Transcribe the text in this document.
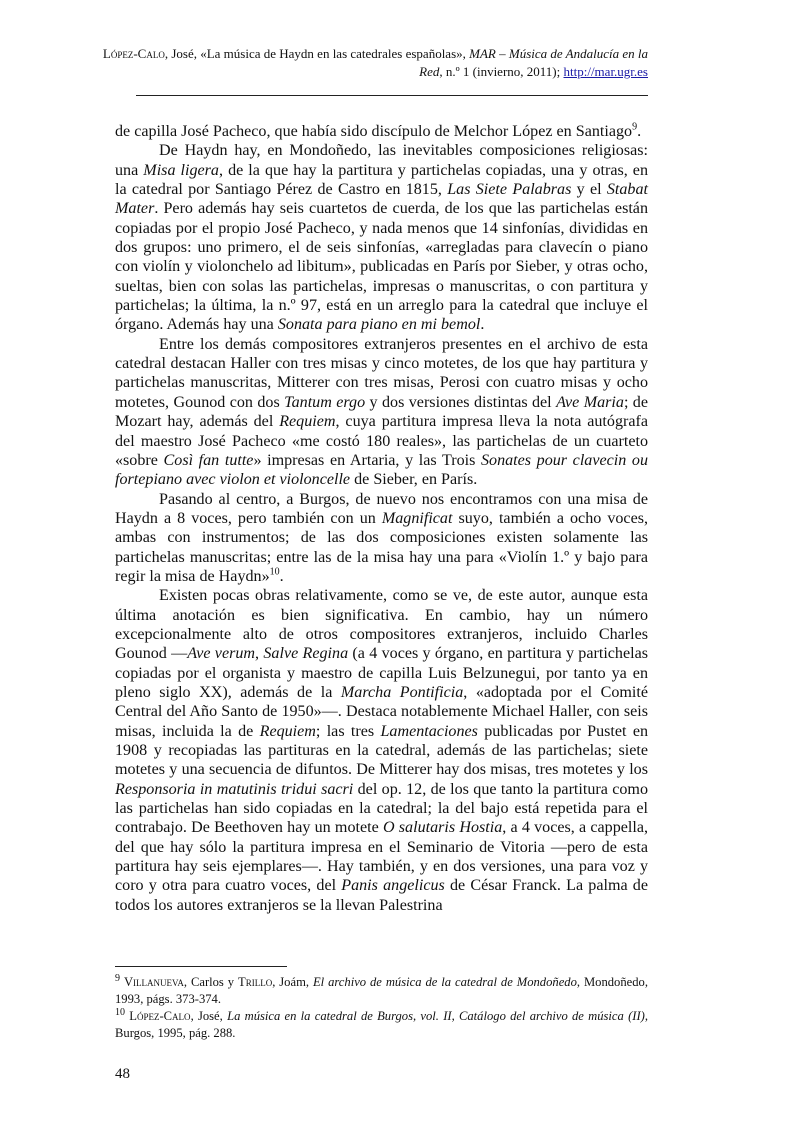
López-Calo, José, «La música de Haydn en las catedrales españolas», MAR – Música de Andalucía en la Red, n.º 1 (invierno, 2011); http://mar.ugr.es

de capilla José Pacheco, que había sido discípulo de Melchor López en Santiago$^9$.

De Haydn hay, en Mondoñedo, las inevitables composiciones religiosas: una Misa ligera, de la que hay la partitura y partichelas copiadas, una y otras, en la catedral por Santiago Pérez de Castro en 1815, Las Siete Palabras y el Stabat Mater. Pero además hay seis cuartetos de cuerda, de los que las partichelas están copiadas por el propio José Pacheco, y nada menos que 14 sinfonías, divididas en dos grupos: uno primero, el de seis sinfonías, «arregladas para clavecín o piano con violín y violonchelo ad libitum», publicadas en París por Sieber, y otras ocho, sueltas, bien con solas las partichelas, impresas o manuscritas, o con partitura y partichelas; la última, la n.º 97, está en un arreglo para la catedral que incluye el órgano. Además hay una Sonata para piano en mi bemol.

Entre los demás compositores extranjeros presentes en el archivo de esta catedral destacan Haller con tres misas y cinco motetes, de los que hay partitura y partichelas manuscritas, Mitterer con tres misas, Perosi con cuatro misas y ocho motetes, Gounod con dos Tantum ergo y dos versiones distintas del Ave Maria; de Mozart hay, además del Requiem, cuya partitura impresa lleva la nota autógrafa del maestro José Pacheco «me costó 180 reales», las partichelas de un cuarteto «sobre Così fan tutte» impresas en Artaria, y las Trois Sonates pour clavecin ou fortepiano avec violon et violoncelle de Sieber, en París.

Pasando al centro, a Burgos, de nuevo nos encontramos con una misa de Haydn a 8 voces, pero también con un Magnificat suyo, también a ocho voces, ambas con instrumentos; de las dos composiciones existen solamente las partichelas manuscritas; entre las de la misa hay una para «Violín 1.º y bajo para regir la misa de Haydn»$^{10}$.

Existen pocas obras relativamente, como se ve, de este autor, aunque esta última anotación es bien significativa. En cambio, hay un número excepcionalmente alto de otros compositores extranjeros, incluido Charles Gounod —Ave verum, Salve Regina (a 4 voces y órgano, en partitura y partichelas copiadas por el organista y maestro de capilla Luis Belzunegui, por tanto ya en pleno siglo XX), además de la Marcha Pontificia, «adoptada por el Comité Central del Año Santo de 1950»—. Destaca notablemente Michael Haller, con seis misas, incluida la de Requiem; las tres Lamentaciones publicadas por Pustet en 1908 y recopiadas las partituras en la catedral, además de las partichelas; siete motetes y una secuencia de difuntos. De Mitterer hay dos misas, tres motetes y los Responsoria in matutinis tridui sacri del op. 12, de los que tanto la partitura como las partichelas han sido copiadas en la catedral; la del bajo está repetida para el contrabajo. De Beethoven hay un motete O salutaris Hostia, a 4 voces, a cappella, del que hay sólo la partitura impresa en el Seminario de Vitoria —pero de esta partitura hay seis ejemplares—. Hay también, y en dos versiones, una para voz y coro y otra para cuatro voces, del Panis angelicus de César Franck. La palma de todos los autores extranjeros se la llevan Palestrina

$^9$ Villanueva, Carlos y Trillo, Joám, El archivo de música de la catedral de Mondoñedo, Mondoñedo, 1993, págs. 373-374.

$^{10}$ López-Calo, José, La música en la catedral de Burgos, vol. II, Catálogo del archivo de música (II), Burgos, 1995, pág. 288.

48
